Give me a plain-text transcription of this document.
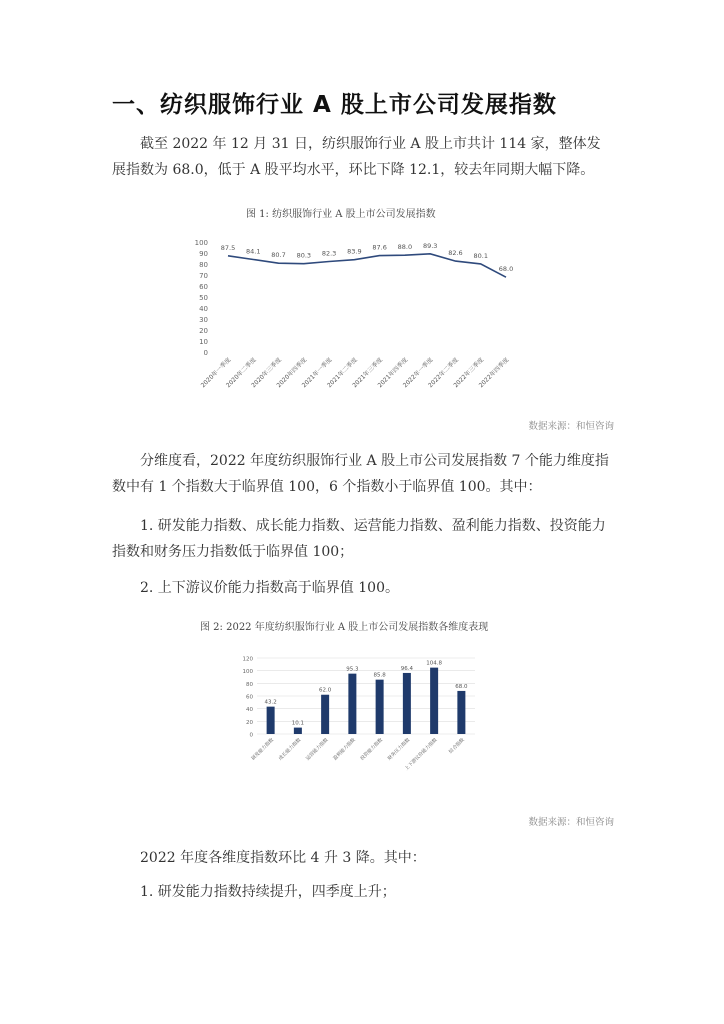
一、纺织服饰行业 A 股上市公司发展指数

截至 2022 年 12 月 31 日，纺织服饰行业 A 股上市共计 114 家，整体发展指数为 68.0，低于 A 股平均水平，环比下降 12.1，较去年同期大幅下降。

图 1: 纺织服饰行业 A 股上市公司发展指数

0
10
20
30
40
50
60
70
80
90
100
87.5 84.1 80.7 80.3 82.3 83.9
87.6 88.0 89.3
82.6 80.1
68.0
2020年一季度
2020年二季度
2020年三季度
2020年四季度
2021年一季度
2021年二季度
2021年三季度
2021年四季度
2022年一季度
2022年二季度
2022年三季度
2022年四季度

数据来源：和恒咨询

分维度看，2022 年度纺织服饰行业 A 股上市公司发展指数 7 个能力维度指数中有 1 个指数大于临界值 100，6 个指数小于临界值 100。其中：

1. 研发能力指数、成长能力指数、运营能力指数、盈利能力指数、投资能力指数和财务压力指数低于临界值 100；

2. 上下游议价能力指数高于临界值 100。

图 2: 2022 年度纺织服饰行业 A 股上市公司发展指数各维度表现

0
20
40
60
80
100
120
43.2
10.1
62.0
95.3
85.8
96.4
104.8
68.0
研发能力指数 成长能力指数 运营能力指数 盈利能力指数 投资能力指数 财务压力指数
上下游议价能力指数 综合指数

数据来源：和恒咨询

2022 年度各维度指数环比 4 升 3 降。其中：

1. 研发能力指数持续提升，四季度上升；
